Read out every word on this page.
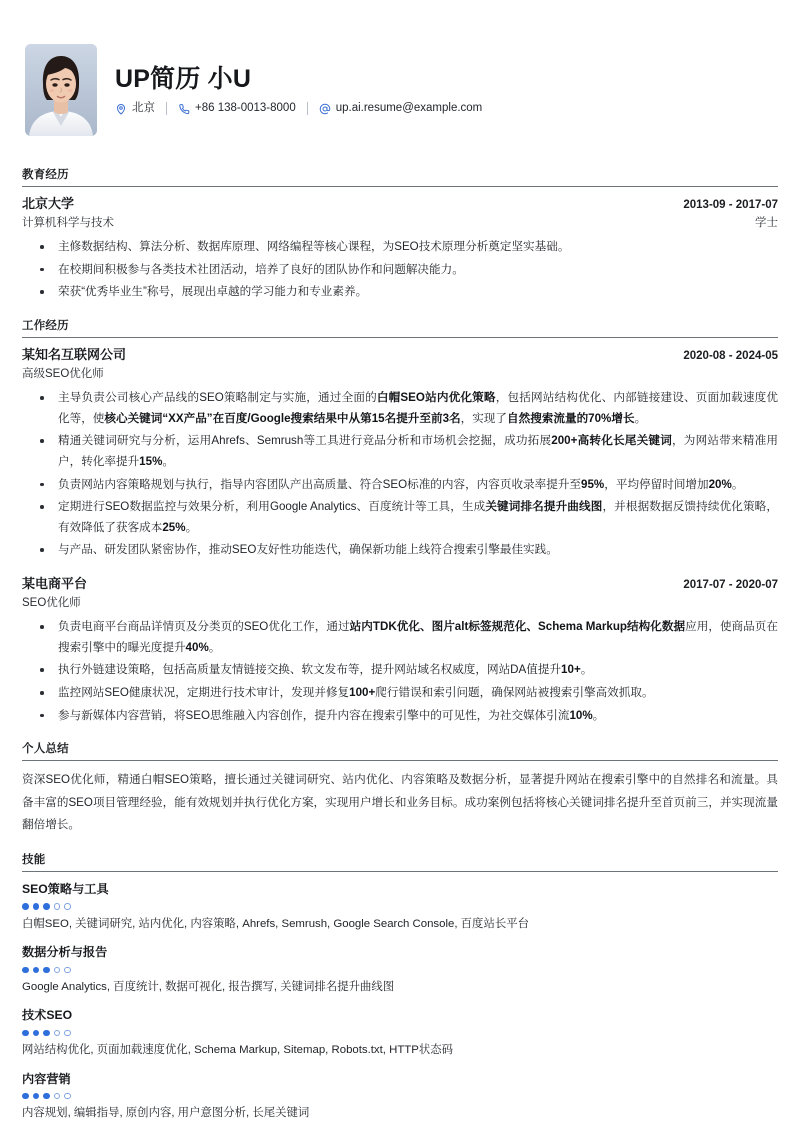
UP简历 小U
北京	+86 138-0013-8000	up.ai.resume@example.com
教育经历
北京大学	2013-09 - 2017-07
计算机科学与技术	学士
主修数据结构、算法分析、数据库原理、网络编程等核心课程，为SEO技术原理分析奠定坚实基础。
在校期间积极参与各类技术社团活动，培养了良好的团队协作和问题解决能力。
荣获“优秀毕业生”称号，展现出卓越的学习能力和专业素养。
工作经历
某知名互联网公司	2020-08 - 2024-05
高级SEO优化师
主导负责公司核心产品线的SEO策略制定与实施，通过全面的白帽SEO站内优化策略，包括网站结构优化、内部链接建设、页面加载速度优化等，使核心关键词“XX产品”在百度/Google搜索结果中从第15名提升至前3名，实现了自然搜索流量的70%增长。
精通关键词研究与分析，运用Ahrefs、Semrush等工具进行竞品分析和市场机会挖掘，成功拓展200+高转化长尾关键词，为网站带来精准用户，转化率提升15%。
负责网站内容策略规划与执行，指导内容团队产出高质量、符合SEO标准的内容，内容页收录率提升至95%，平均停留时间增加20%。
定期进行SEO数据监控与效果分析，利用Google Analytics、百度统计等工具，生成关键词排名提升曲线图，并根据数据反馈持续优化策略，有效降低了获客成本25%。
与产品、研发团队紧密协作，推动SEO友好性功能迭代，确保新功能上线符合搜索引擎最佳实践。
某电商平台	2017-07 - 2020-07
SEO优化师
负责电商平台商品详情页及分类页的SEO优化工作，通过站内TDK优化、图片alt标签规范化、Schema Markup结构化数据应用，使商品页在搜索引擎中的曝光度提升40%。
执行外链建设策略，包括高质量友情链接交换、软文发布等，提升网站域名权威度，网站DA值提升10+。
监控网站SEO健康状况，定期进行技术审计，发现并修复100+爬行错误和索引问题，确保网站被搜索引擎高效抓取。
参与新媒体内容营销，将SEO思维融入内容创作，提升内容在搜索引擎中的可见性，为社交媒体引流10%。
个人总结
资深SEO优化师，精通白帽SEO策略，擅长通过关键词研究、站内优化、内容策略及数据分析，显著提升网站在搜索引擎中的自然排名和流量。具备丰富的SEO项目管理经验，能有效规划并执行优化方案，实现用户增长和业务目标。成功案例包括将核心关键词排名提升至首页前三，并实现流量翻倍增长。
技能
SEO策略与工具
白帽SEO, 关键词研究, 站内优化, 内容策略, Ahrefs, Semrush, Google Search Console, 百度站长平台
数据分析与报告
Google Analytics, 百度统计, 数据可视化, 报告撰写, 关键词排名提升曲线图
技术SEO
网站结构优化, 页面加载速度优化, Schema Markup, Sitemap, Robots.txt, HTTP状态码
内容营销
内容规划, 编辑指导, 原创内容, 用户意图分析, 长尾关键词
